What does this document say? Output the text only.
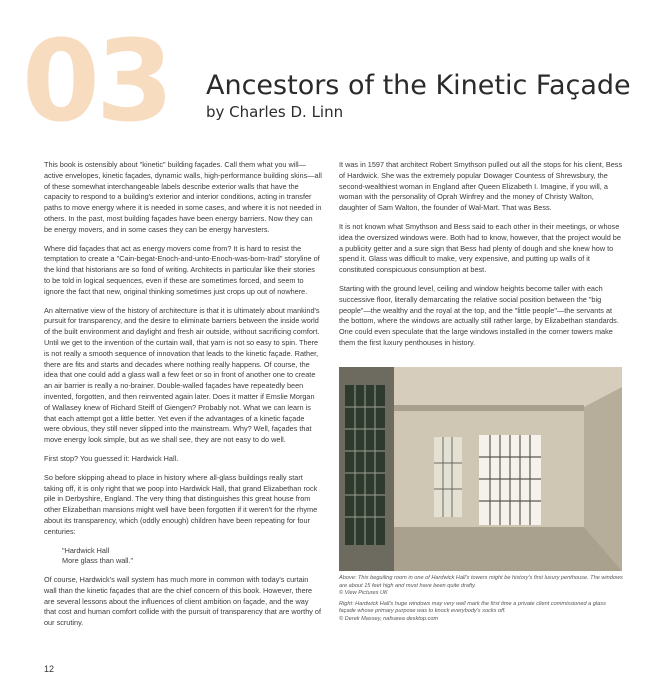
03 Ancestors of the Kinetic Façade
by Charles D. Linn

This book is ostensibly about "kinetic" building façades. Call them what you will—active envelopes, kinetic façades, dynamic walls, high-performance building skins—all of these somewhat interchangeable labels describe exterior walls that have the capacity to respond to a building's exterior and interior conditions, acting in transfer paths to move energy where it is needed in some cases, and where it is not needed in others. In the past, most building façades have been energy barriers. Now they can be energy movers, and in some cases they can be energy harvesters.

Where did façades that act as energy movers come from? It is hard to resist the temptation to create a "Cain-begat-Enoch-and-unto-Enoch-was-born-Irad" storyline of the kind that historians are so fond of writing. Architects in particular like their stories to be told in logical sequences, even if these are sometimes forced, and seem to ignore the fact that new, original thinking sometimes just crops up out of nowhere.

An alternative view of the history of architecture is that it is ultimately about mankind's pursuit for transparency, and the desire to eliminate barriers between the inside world of the built environment and daylight and fresh air outside, without sacrificing comfort. Until we get to the invention of the curtain wall, that yarn is not so easy to spin. There is not really a smooth sequence of innovation that leads to the kinetic façade. Rather, there are fits and starts and decades where nothing really happens. Of course, the idea that one could add a glass wall a few feet or so in front of another one to create an air barrier is really a no-brainer. Double-walled façades have repeatedly been invented, forgotten, and then reinvented again later. Does it matter if Emslie Morgan of Wallasey knew of Richard Steiff of Giengen? Probably not. What we can learn is that each attempt got a little better. Yet even if the advantages of a kinetic façade were obvious, they still never slipped into the mainstream. Why? Well, façades that move energy look simple, but as we shall see, they are not easy to do well.

First stop? You guessed it: Hardwick Hall.

So before skipping ahead to place in history where all-glass buildings really start taking off, it is only right that we poop into Hardwick Hall, that grand Elizabethan rock pile in Derbyshire, England. The very thing that distinguishes this great house from other Elizabethan mansions might well have been forgotten if it weren't for the rhyme about its transparency, which (oddly enough) children have been repeating for four centuries:

"Hardwick Hall
More glass than wall."

Of course, Hardwick's wall system has much more in common with today's curtain wall than the kinetic façades that are the chief concern of this book. However, there are several lessons about the influences of client ambition on façade, and the way that cost and human comfort collide with the pursuit of transparency that are worthy of our scrutiny.

It was in 1597 that architect Robert Smythson pulled out all the stops for his client, Bess of Hardwick. She was the extremely popular Dowager Countess of Shrewsbury, the second-wealthiest woman in England after Queen Elizabeth I. Imagine, if you will, a woman with the personality of Oprah Winfrey and the money of Christy Walton, daughter of Sam Walton, the founder of Wal-Mart. That was Bess.

It is not known what Smythson and Bess said to each other in their meetings, or whose idea the oversized windows were. Both had to know, however, that the project would be a publicity getter and a sure sign that Bess had plenty of dough and she knew how to spend it. Glass was difficult to make, very expensive, and putting up walls of it constituted conspicuous consumption at best.

Starting with the ground level, ceiling and window heights become taller with each successive floor, literally demarcating the relative social position between the "big people"—the wealthy and the royal at the top, and the "little people"—the servants at the bottom, where the windows are actually still rather large, by Elizabethan standards. One could even speculate that the large windows installed in the corner towers make them the first luxury penthouses in history.

Above: This beguiling room in one of Hardwick Hall's towers might be history's first luxury penthouse. The windows are about 15 feet high and must have been quite drafty.
© View Pictures UK

Right: Hardwick Hall's huge windows may very well mark the first time a private client commissioned a glass façade whose primary purpose was to knock everybody's socks off.
© Derek Massey, nafsarea desktop.com

12
